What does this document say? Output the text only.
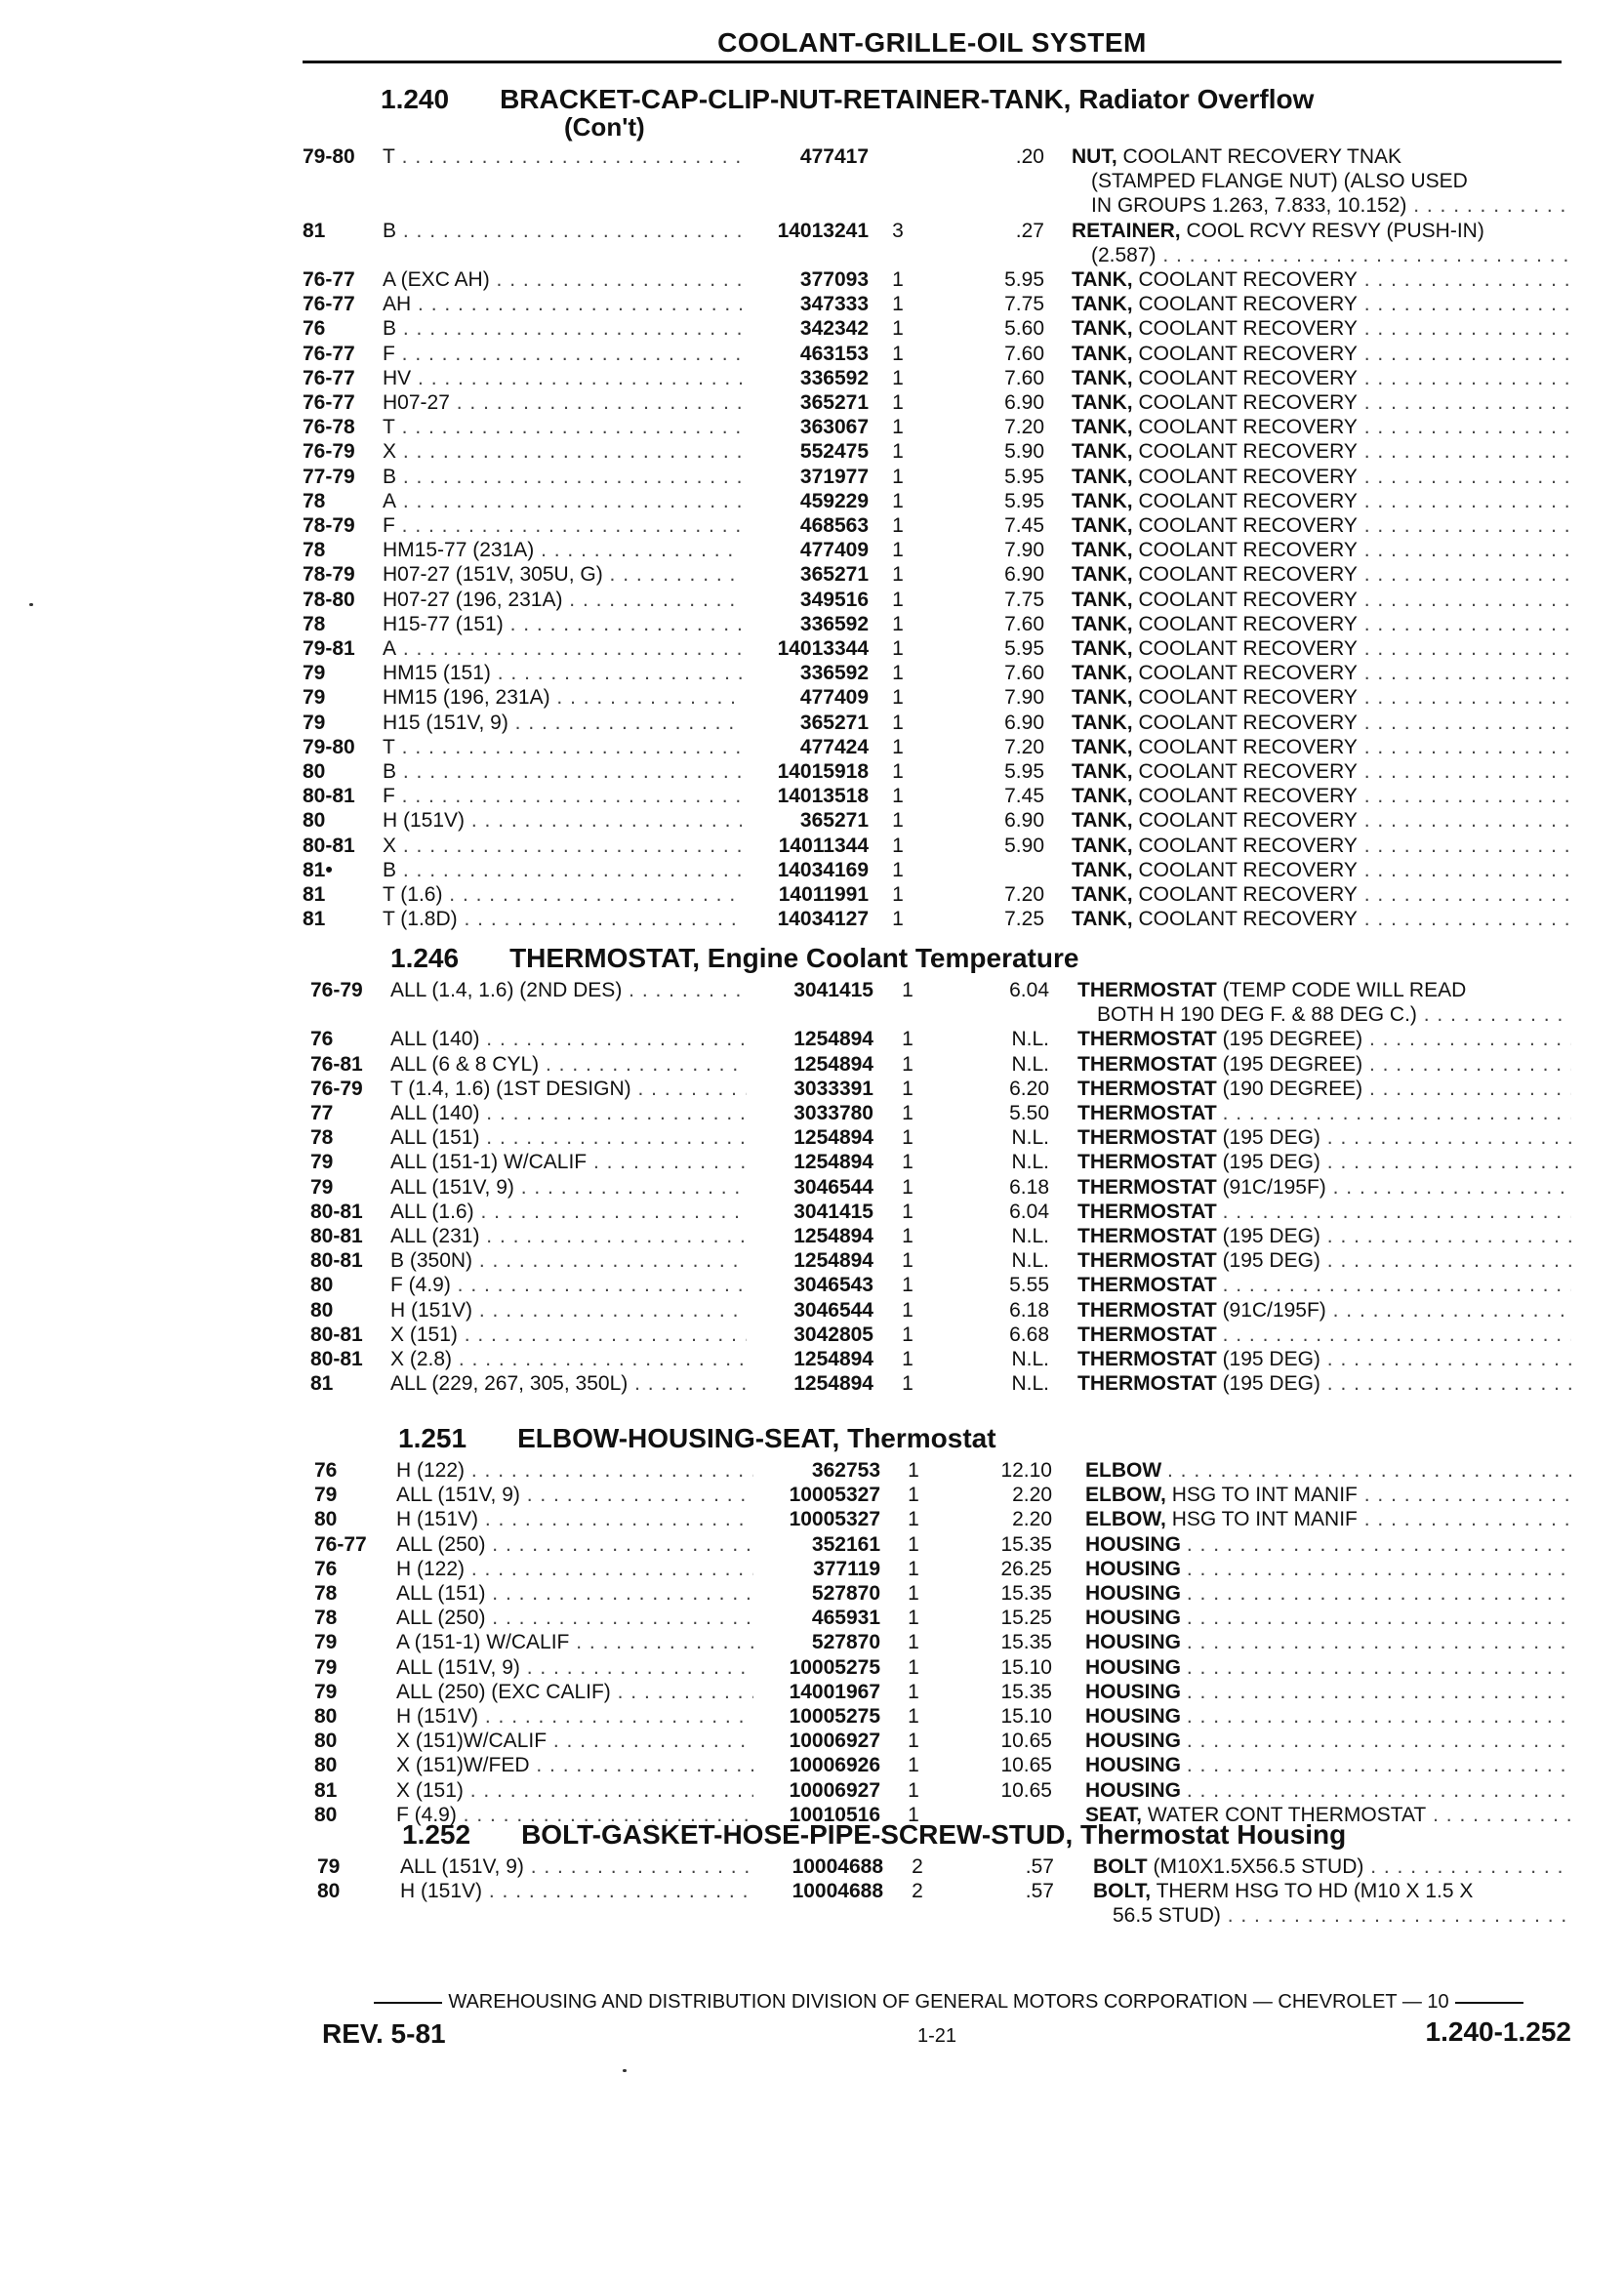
COOLANT-GRILLE-OIL SYSTEM
1.240 BRACKET-CAP-CLIP-NUT-RETAINER-TANK, Radiator Overflow
(Con't)
79-80 T . . .	477417	.20 NUT, COOLANT RECOVERY TNAK
(STAMPED FLANGE NUT) (ALSO USED
IN GROUPS 1.263, 7.833, 10.152) . . .
81	B . . .	14013241 3	.27 RETAINER, COOL RCVY RESVY (PUSH-IN)
(2.587) . . .
76-77 A (EXC AH) . . .	377093 1	5.95 TANK, COOLANT RECOVERY . . .
76-77 AH . . .	347333 1	7.75 TANK, COOLANT RECOVERY . . .
76	B . . .	342342 1	5.60 TANK, COOLANT RECOVERY . . .
76-77 F . . .	463153 1	7.60 TANK, COOLANT RECOVERY . . .
76-77 HV . . .	336592 1	7.60 TANK, COOLANT RECOVERY . . .
76-77 H07-27 . . .	365271 1	6.90 TANK, COOLANT RECOVERY . . .
76-78 T . . .	363067 1	7.20 TANK, COOLANT RECOVERY . . .
76-79 X . . .	552475 1	5.90 TANK, COOLANT RECOVERY . . .
77-79 B . . .	371977 1	5.95 TANK, COOLANT RECOVERY . . .
78	A . . .	459229 1	5.95 TANK, COOLANT RECOVERY . . .
78-79 F . . .	468563 1	7.45 TANK, COOLANT RECOVERY . . .
78	HM15-77 (231A) . . .	477409 1	7.90 TANK, COOLANT RECOVERY . . .
78-79 H07-27 (151V, 305U, G) . . .	365271 1	6.90 TANK, COOLANT RECOVERY . . .
78-80 H07-27 (196, 231A) . . .	349516 1	7.75 TANK, COOLANT RECOVERY . . .
78	H15-77 (151) . . .	336592 1	7.60 TANK, COOLANT RECOVERY . . .
79-81 A . . .	14013344 1	5.95 TANK, COOLANT RECOVERY . . .
79	HM15 (151) . . .	336592 1	7.60 TANK, COOLANT RECOVERY . . .
79	HM15 (196, 231A) . . .	477409 1	7.90 TANK, COOLANT RECOVERY . . .
79	H15 (151V, 9) . . .	365271 1	6.90 TANK, COOLANT RECOVERY . . .
79-80 T . . .	477424 1	7.20 TANK, COOLANT RECOVERY . . .
80	B . . .	14015918 1	5.95 TANK, COOLANT RECOVERY . . .
80-81 F . . .	14013518 1	7.45 TANK, COOLANT RECOVERY . . .
80	H (151V) . . .	365271 1	6.90 TANK, COOLANT RECOVERY . . .
80-81 X . . .	14011344 1	5.90 TANK, COOLANT RECOVERY . . .
81• B . . .	14034169 1	TANK, COOLANT RECOVERY . . .
81	T (1.6) . . .	14011991 1	7.20 TANK, COOLANT RECOVERY . . .
81	T (1.8D) . . .	14034127 1	7.25 TANK, COOLANT RECOVERY . . .
1.246 THERMOSTAT, Engine Coolant Temperature
76-79 ALL (1.4, 1.6) (2ND DES) . . .	3041415 1	6.04 THERMOSTAT (TEMP CODE WILL READ
BOTH H 190 DEG F. & 88 DEG C.) . . .
76	ALL (140) . . .	1254894 1	N.L. THERMOSTAT (195 DEGREE) . . .
76-81 ALL (6 & 8 CYL) . . .	1254894 1	N.L. THERMOSTAT (195 DEGREE) . . .
76-79 T (1.4, 1.6) (1ST DESIGN) . . .	3033391 1	6.20 THERMOSTAT (190 DEGREE) . . .
77	ALL (140) . . .	3033780 1	5.50 THERMOSTAT . . .
78	ALL (151) . . .	1254894 1	N.L. THERMOSTAT (195 DEG) . . .
79	ALL (151-1) W/CALIF . . .	1254894 1	N.L. THERMOSTAT (195 DEG) . . .
79	ALL (151V, 9) . . .	3046544 1	6.18 THERMOSTAT (91C/195F) . . .
80-81 ALL (1.6) . . .	3041415 1	6.04 THERMOSTAT . . .
80-81 ALL (231) . . .	1254894 1	N.L. THERMOSTAT (195 DEG) . . .
80-81 B (350N) . . .	1254894 1	N.L. THERMOSTAT (195 DEG) . . .
80	F (4.9) . . .	3046543 1	5.55 THERMOSTAT . . .
80	H (151V) . . .	3046544 1	6.18 THERMOSTAT (91C/195F) . . .
80-81 X (151) . . .	3042805 1	6.68 THERMOSTAT . . .
80-81 X (2.8) . . .	1254894 1	N.L. THERMOSTAT (195 DEG) . . .
81	ALL (229, 267, 305, 350L) . . .	1254894 1	N.L. THERMOSTAT (195 DEG) . . .
1.251 ELBOW-HOUSING-SEAT, Thermostat
76	H (122) . . .	362753 1	12.10 ELBOW . . .
79	ALL (151V, 9) . . .	10005327 1	2.20 ELBOW, HSG TO INT MANIF . . .
80	H (151V) . . .	10005327 1	2.20 ELBOW, HSG TO INT MANIF . . .
76-77 ALL (250) . . .	352161 1	15.35 HOUSING . . .
76	H (122) . . .	377119 1	26.25 HOUSING . . .
78	ALL (151) . . .	527870 1	15.35 HOUSING . . .
78	ALL (250) . . .	465931 1	15.25 HOUSING . . .
79	A (151-1) W/CALIF . . .	527870 1	15.35 HOUSING . . .
79	ALL (151V, 9) . . .	10005275 1	15.10 HOUSING . . .
79	ALL (250) (EXC CALIF) . . .	14001967 1	15.35 HOUSING . . .
80	H (151V) . . .	10005275 1	15.10 HOUSING . . .
80	X (151)W/CALIF . . .	10006927 1	10.65 HOUSING . . .
80	X (151)W/FED . . .	10006926 1	10.65 HOUSING . . .
81	X (151) . . .	10006927 1	10.65 HOUSING . . .
80	F (4.9) . . .	10010516 1	SEAT, WATER CONT THERMOSTAT . . .
1.252 BOLT-GASKET-HOSE-PIPE-SCREW-STUD, Thermostat Housing
79	ALL (151V, 9) . . .	10004688 2	.57 BOLT (M10X1.5X56.5 STUD) . . .
80	H (151V) . . .	10004688 2	.57 BOLT, THERM HSG TO HD (M10 X 1.5 X
56.5 STUD) . . .
WAREHOUSING AND DISTRIBUTION DIVISION OF GENERAL MOTORS CORPORATION — CHEVROLET — 10
REV. 5-81	1-21	1.240-1.252
